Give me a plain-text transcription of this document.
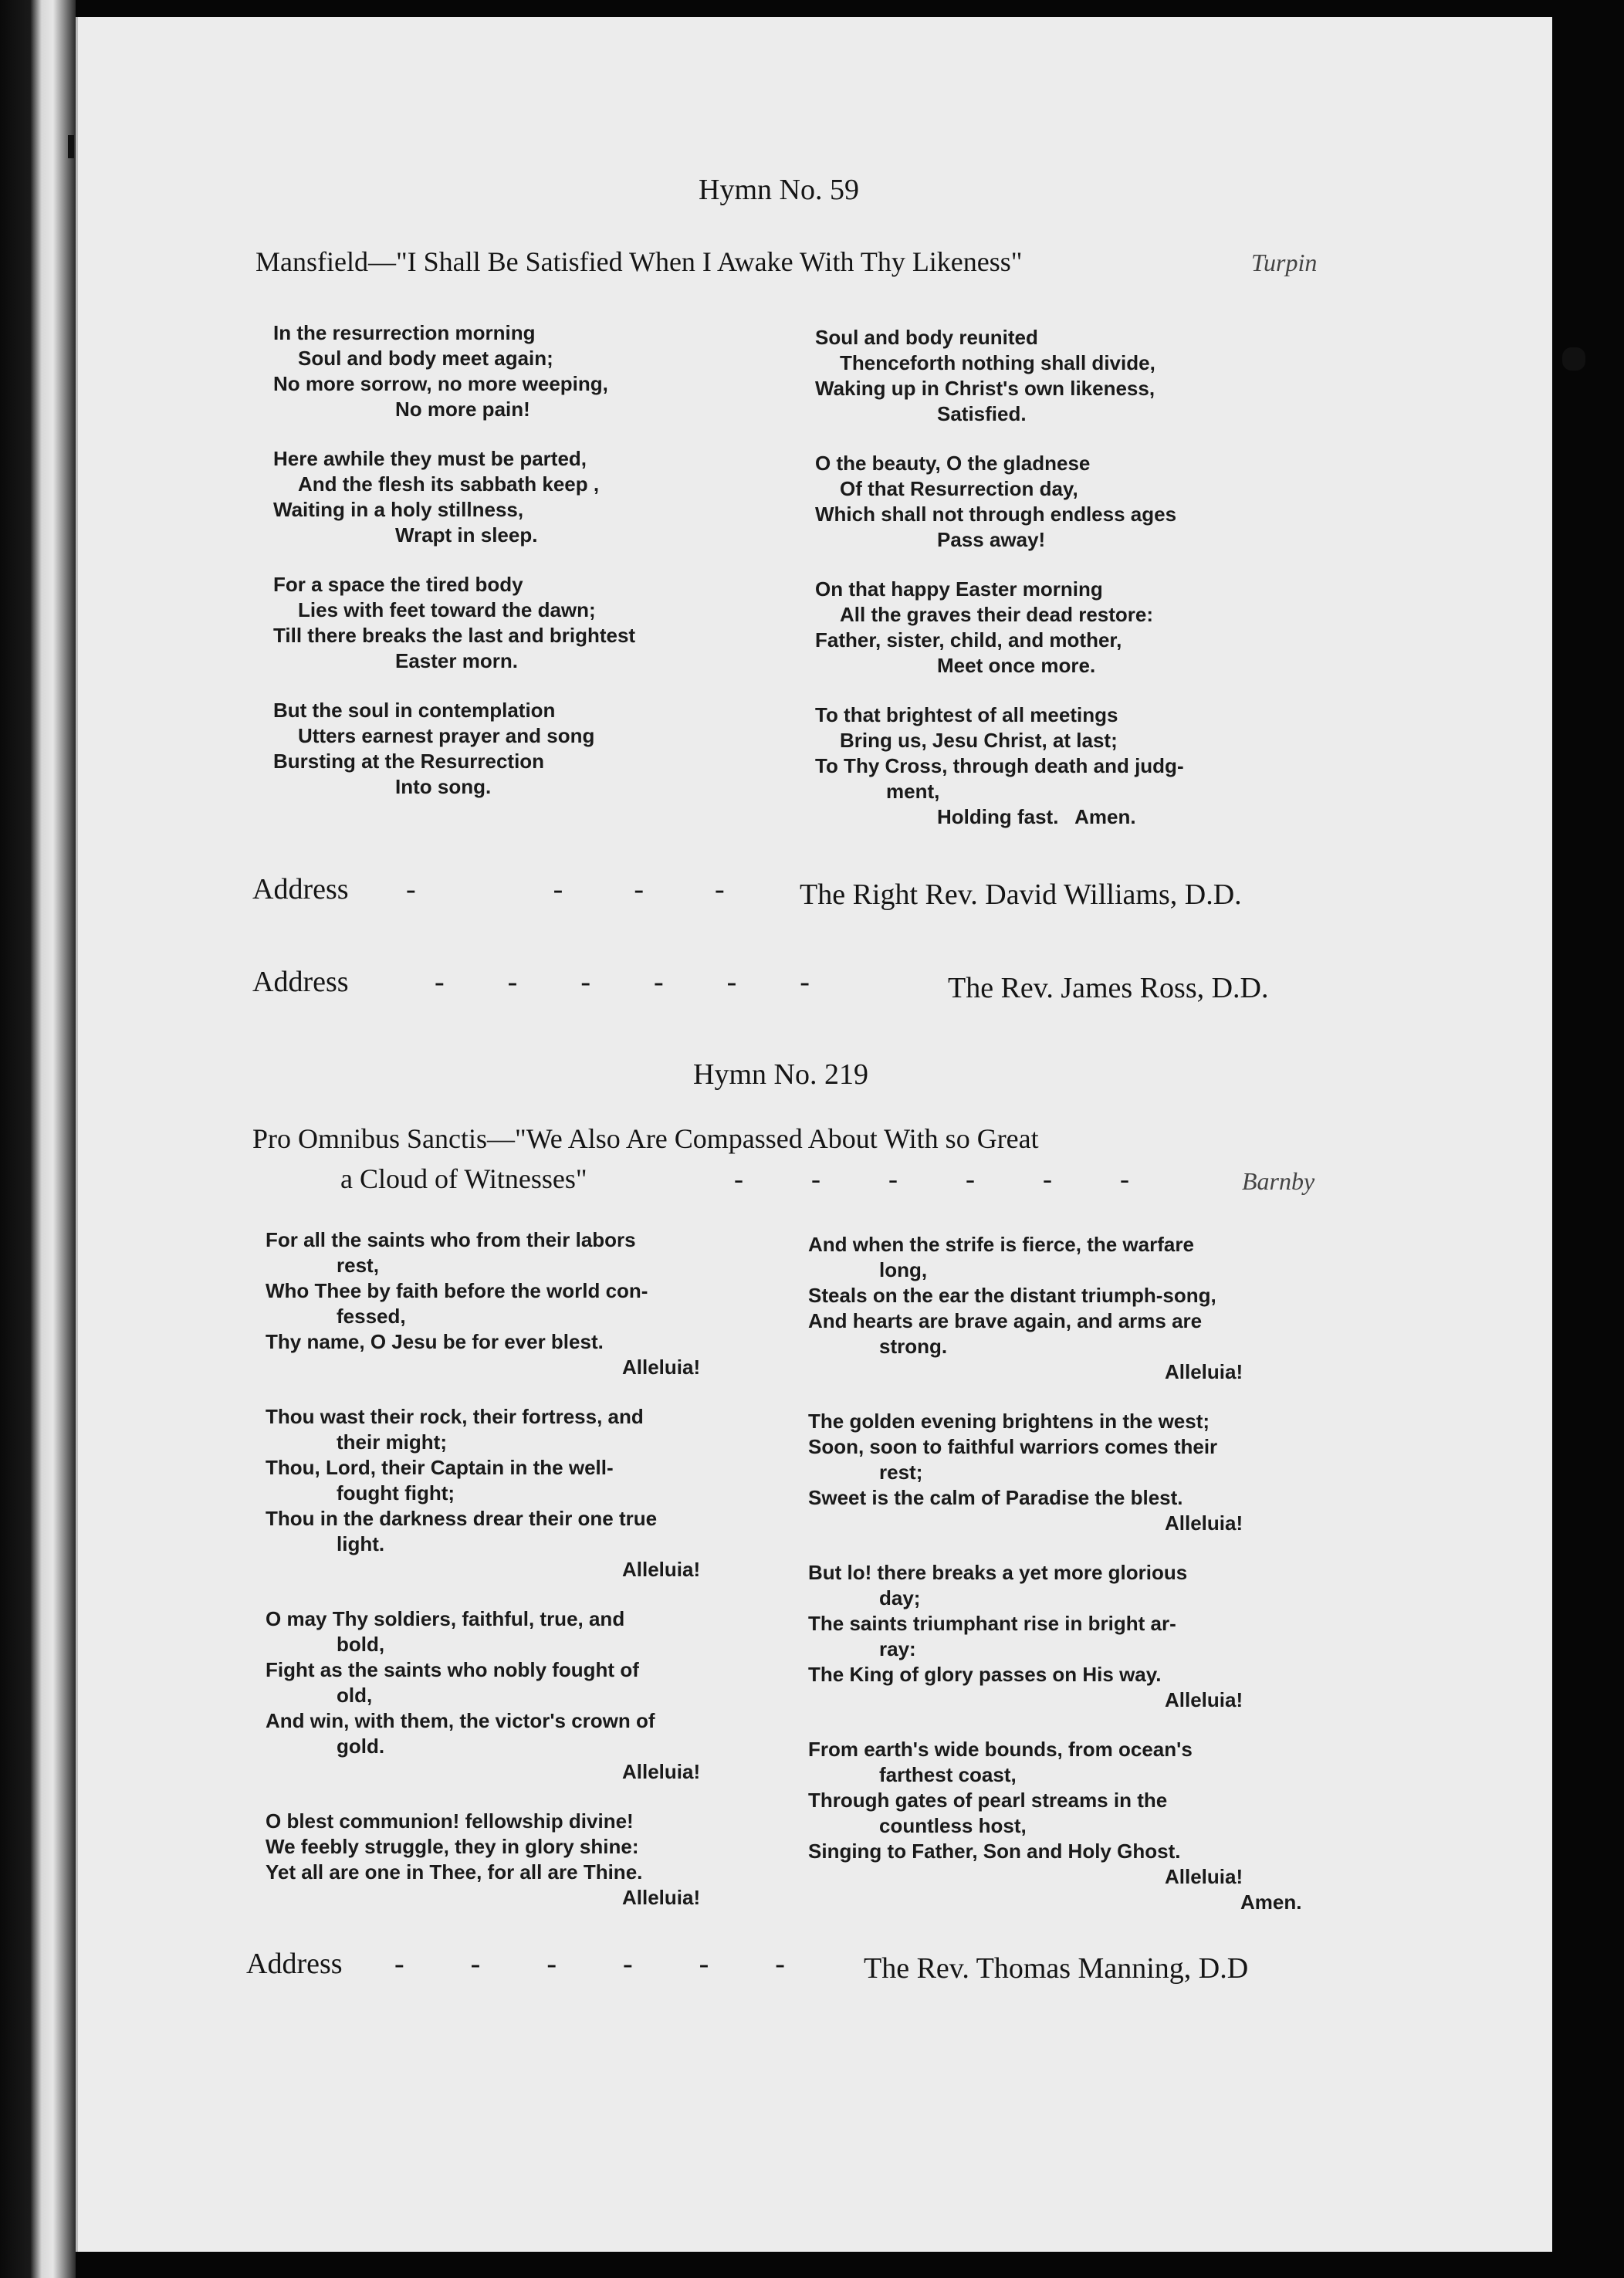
Hymn No. 59
Mansfield—"I Shall Be Satisfied When I Awake With Thy Likeness"	Turpin
In the resurrection morning
Soul and body meet again;
No more sorrow, no more weeping,
No more pain!
Here awhile they must be parted,
And the flesh its sabbath keep ,
Waiting in a holy stillness,
Wrapt in sleep.
For a space the tired body
Lies with feet toward the dawn;
Till there breaks the last and brightest
Easter morn.
But the soul in contemplation
Utters earnest prayer and song
Bursting at the Resurrection
Into song.
Soul and body reunited
Thenceforth nothing shall divide,
Waking up in Christ's own likeness,
Satisfied.
O the beauty, O the gladnese
Of that Resurrection day,
Which shall not through endless ages
Pass away!
On that happy Easter morning
All the graves their dead restore:
Father, sister, child, and mother,
Meet once more.
To that brightest of all meetings
Bring us, Jesu Christ, at last;
To Thy Cross, through death and judg-
ment,
Holding fast.   Amen.
Address -	- - -	The Right Rev. David Williams, D.D.
Address	- - - - - -	The Rev. James Ross, D.D.
Hymn No. 219
Pro Omnibus Sanctis—"We Also Are Compassed About With so Great
a Cloud of Witnesses"	- - - - - -	Barnby
For all the saints who from their labors
rest,
Who Thee by faith before the world con-
fessed,
Thy name, O Jesu be for ever blest.
Alleluia!
Thou wast their rock, their fortress, and
their might;
Thou, Lord, their Captain in the well-
fought fight;
Thou in the darkness drear their one true
light.
Alleluia!
O may Thy soldiers, faithful, true, and
bold,
Fight as the saints who nobly fought of
old,
And win, with them, the victor's crown of
gold.
Alleluia!
O blest communion! fellowship divine!
We feebly struggle, they in glory shine:
Yet all are one in Thee, for all are Thine.
Alleluia!
And when the strife is fierce, the warfare
long,
Steals on the ear the distant triumph-song,
And hearts are brave again, and arms are
strong.
Alleluia!
The golden evening brightens in the west;
Soon, soon to faithful warriors comes their
rest;
Sweet is the calm of Paradise the blest.
Alleluia!
But lo! there breaks a yet more glorious
day;
The saints triumphant rise in bright ar-
ray:
The King of glory passes on His way.
Alleluia!
From earth's wide bounds, from ocean's
farthest coast,
Through gates of pearl streams in the
countless host,
Singing to Father, Son and Holy Ghost.
Alleluia!
Amen.
Address - - - - - -	The Rev. Thomas Manning, D.D
